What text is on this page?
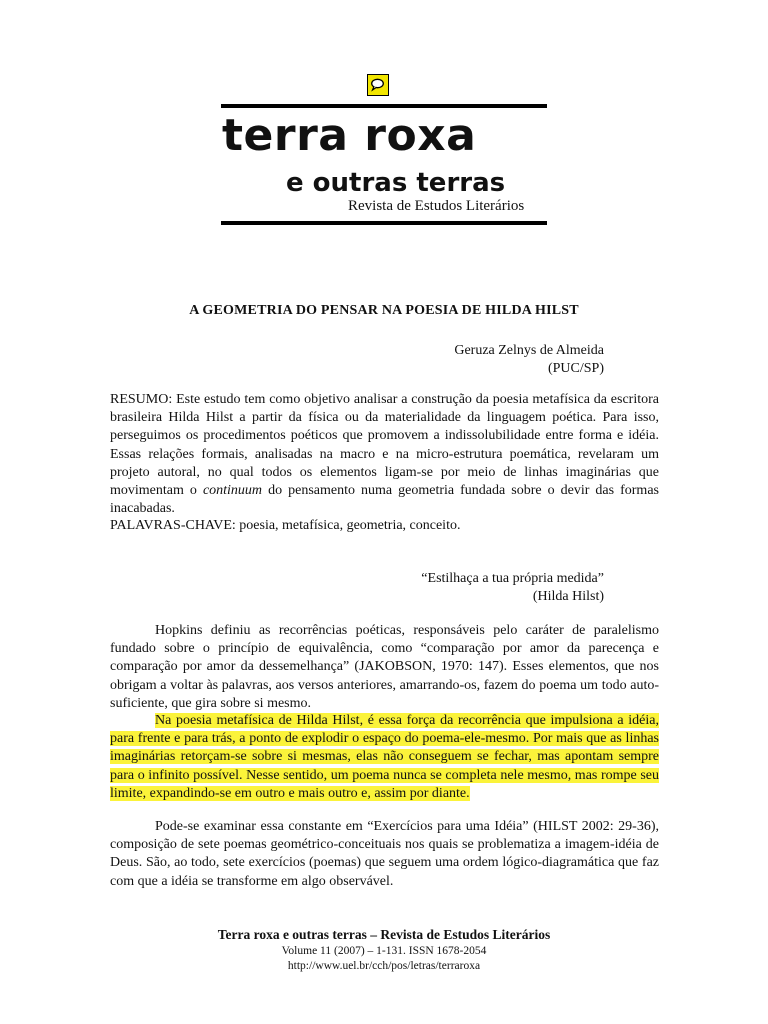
terra roxa
e outras terras

Revista de Estudos Literários

A GEOMETRIA DO PENSAR NA POESIA DE HILDA HILST
Geruza Zelnys de Almeida
(PUC/SP)
RESUMO: Este estudo tem como objetivo analisar a construção da poesia metafísica da escritora brasileira Hilda Hilst a partir da física ou da materialidade da linguagem poética. Para isso, perseguimos os procedimentos poéticos que promovem a indissolubilidade entre forma e idéia. Essas relações formais, analisadas na macro e na micro-estrutura poemática, revelaram um projeto autoral, no qual todos os elementos ligam-se por meio de linhas imaginárias que movimentam o continuum do pensamento numa geometria fundada sobre o devir das formas inacabadas.
PALAVRAS-CHAVE: poesia, metafísica, geometria, conceito.
“Estilhaça a tua própria medida”
(Hilda Hilst)

Hopkins definiu as recorrências poéticas, responsáveis pelo caráter de paralelismo fundado sobre o princípio de equivalência, como “comparação por amor da parecença e comparação por amor da dessemelhança” (JAKOBSON, 1970: 147). Esses elementos, que nos obrigam a voltar às palavras, aos versos anteriores, amarrando-os, fazem do poema um todo auto-suficiente, que gira sobre si mesmo.

Na poesia metafísica de Hilda Hilst, é essa força da recorrência que impulsiona a idéia, para frente e para trás, a ponto de explodir o espaço do poema-ele-mesmo. Por mais que as linhas imaginárias retorçam-se sobre si mesmas, elas não conseguem se fechar, mas apontam sempre para o infinito possível. Nesse sentido, um poema nunca se completa nele mesmo, mas rompe seu limite, expandindo-se em outro e mais outro e, assim por diante.

Pode-se examinar essa constante em “Exercícios para uma Idéia” (HILST 2002: 29-36), composição de sete poemas geométrico-conceituais nos quais se problematiza a imagem-idéia de Deus. São, ao todo, sete exercícios (poemas) que seguem uma ordem lógico-diagramática que faz com que a idéia se transforme em algo observável.

Terra roxa e outras terras – Revista de Estudos Literários
Volume 11 (2007) – 1-131. ISSN 1678-2054
http://www.uel.br/cch/pos/letras/terraroxa
